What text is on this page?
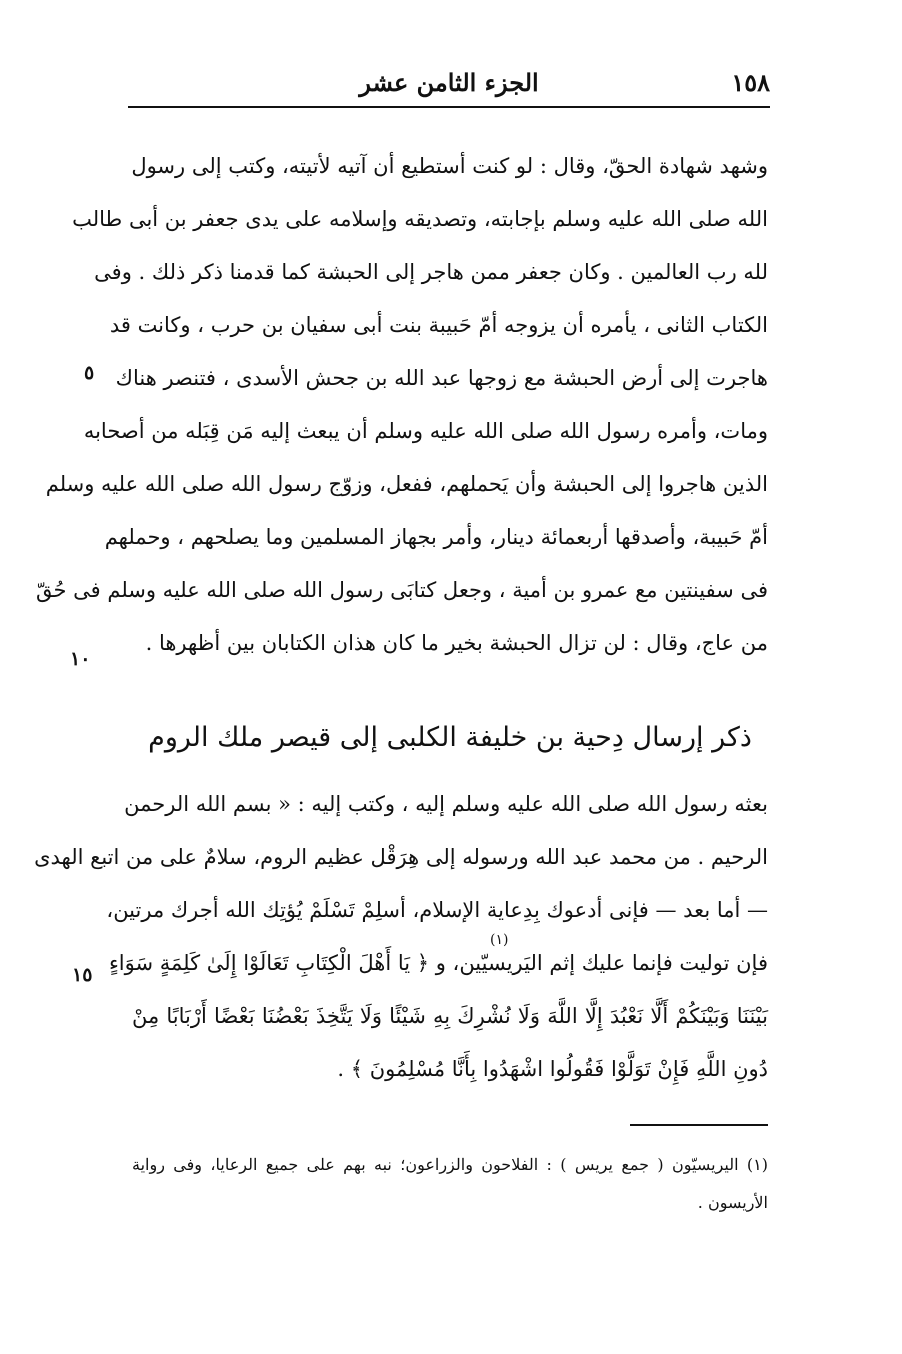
١٥٨
الجزء الثامن عشر
وشهد شهادة الحقّ، وقال : لو كنت أستطيع أن آتيه لأتيته، وكتب إلى رسول
الله صلى الله عليه وسلم بإجابته، وتصديقه وإسلامه على يدى جعفر بن أبى طالب
لله رب العالمين . وكان جعفر ممن هاجر إلى الحبشة كما قدمنا ذكر ذلك . وفى
الكتاب الثانى ، يأمره أن يزوجه أمّ حَبيبة بنت أبى سفيان بن حرب ، وكانت قد
هاجرت إلى أرض الحبشة مع زوجها عبد الله بن جحش الأسدى ، فتنصر هناك
ومات، وأمره رسول الله صلى الله عليه وسلم أن يبعث إليه مَن قِبَله من أصحابه
الذين هاجروا إلى الحبشة وأن يَحملهم، ففعل، وزوّج رسول الله صلى الله عليه وسلم
أمّ حَبيبة، وأصدقها أربعمائة دينار، وأمر بجهاز المسلمين وما يصلحهم ، وحملهم
فى سفينتين مع عمرو بن أمية ، وجعل كتابَى رسول الله صلى الله عليه وسلم فى حُقّ
من عاج، وقال : لن تزال الحبشة بخير ما كان هذان الكتابان بين أظهرها .
٥
١٠
ذكر إرسال دِحية بن خليفة الكلبى إلى قيصر ملك الروم
بعثه رسول الله صلى الله عليه وسلم إليه ، وكتب إليه : « بسم الله الرحمن
الرحيم . من محمد عبد الله ورسوله إلى هِرَقْل عظيم الروم، سلامٌ على من اتبع الهدى
— أما بعد — فإنى أدعوك بِدِعاية الإسلام، أسلِمْ تَسْلَمْ يُؤتِك الله أجرك مرتين،
فإن توليت فإنما عليك إثم اليَريسيّين، و ﴿ يَا أَهْلَ الْكِتَابِ تَعَالَوْا إِلَىٰ كَلِمَةٍ سَوَاءٍ
بَيْنَنَا وَبَيْنَكُمْ أَلَّا نَعْبُدَ إِلَّا اللَّهَ وَلَا نُشْرِكَ بِهِ شَيْئًا وَلَا يَتَّخِذَ بَعْضُنَا بَعْضًا أَرْبَابًا مِنْ
دُونِ اللَّهِ فَإِنْ تَوَلَّوْا فَقُولُوا اشْهَدُوا بِأَنَّا مُسْلِمُونَ ﴾ .
(١)
١٥
(١) اليريسيّون ( جمع يريس ) : الفلاحون والزراعون؛ نبه بهم على جميع الرعايا، وفى رواية
الأريسون .
